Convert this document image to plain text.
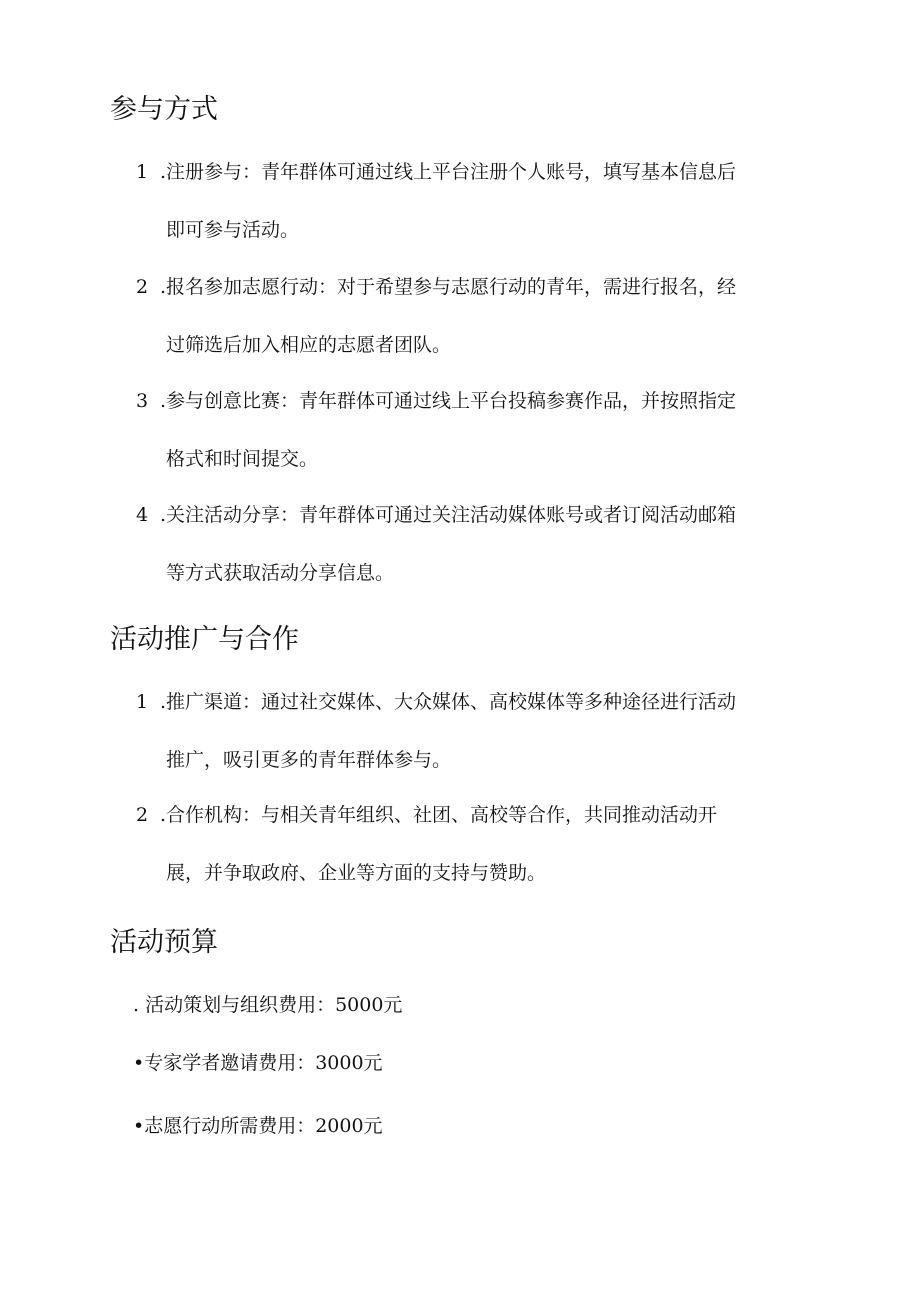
参与方式
1 .注册参与：青年群体可通过线上平台注册个人账号，填写基本信息后
即可参与活动。
2 .报名参加志愿行动：对于希望参与志愿行动的青年，需进行报名，经
过筛选后加入相应的志愿者团队。
3 .参与创意比赛：青年群体可通过线上平台投稿参赛作品，并按照指定
格式和时间提交。
4 .关注活动分享：青年群体可通过关注活动媒体账号或者订阅活动邮箱
等方式获取活动分享信息。
活动推广与合作
1 .推广渠道：通过社交媒体、大众媒体、高校媒体等多种途径进行活动
推广，吸引更多的青年群体参与。
2 .合作机构：与相关青年组织、社团、高校等合作，共同推动活动开
展，并争取政府、企业等方面的支持与赞助。
活动预算
. 活动策划与组织费用：5000元
•专家学者邀请费用：3000元
•志愿行动所需费用：2000元
